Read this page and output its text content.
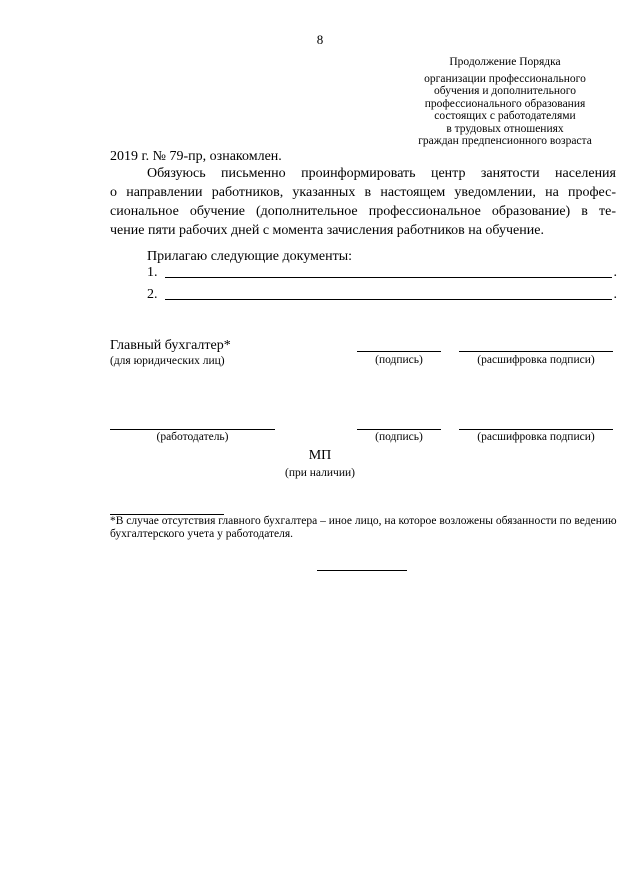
8
Продолжение Порядка
организации профессионального
обучения и дополнительного
профессионального образования
состоящих с работодателями
в трудовых отношениях
граждан предпенсионного возраста
2019 г. № 79-пр, ознакомлен.
Обязуюсь письменно проинформировать центр занятости населения
о направлении работников, указанных в настоящем уведомлении, на профес-
сиональное обучение (дополнительное профессиональное образование) в те-
чение пяти рабочих дней с момента зачисления работников на обучение.
Прилагаю следующие документы:
1.	.
2.	.
Главный бухгалтер*
(для юридических лиц)	(подпись)	(расшифровка подписи)
(работодатель)	(подпись)	(расшифровка подписи)
МП
(при наличии)
*В случае отсутствия главного бухгалтера – иное лицо, на которое возложены обязанности по ведению бухгалтерского учета у работодателя.
